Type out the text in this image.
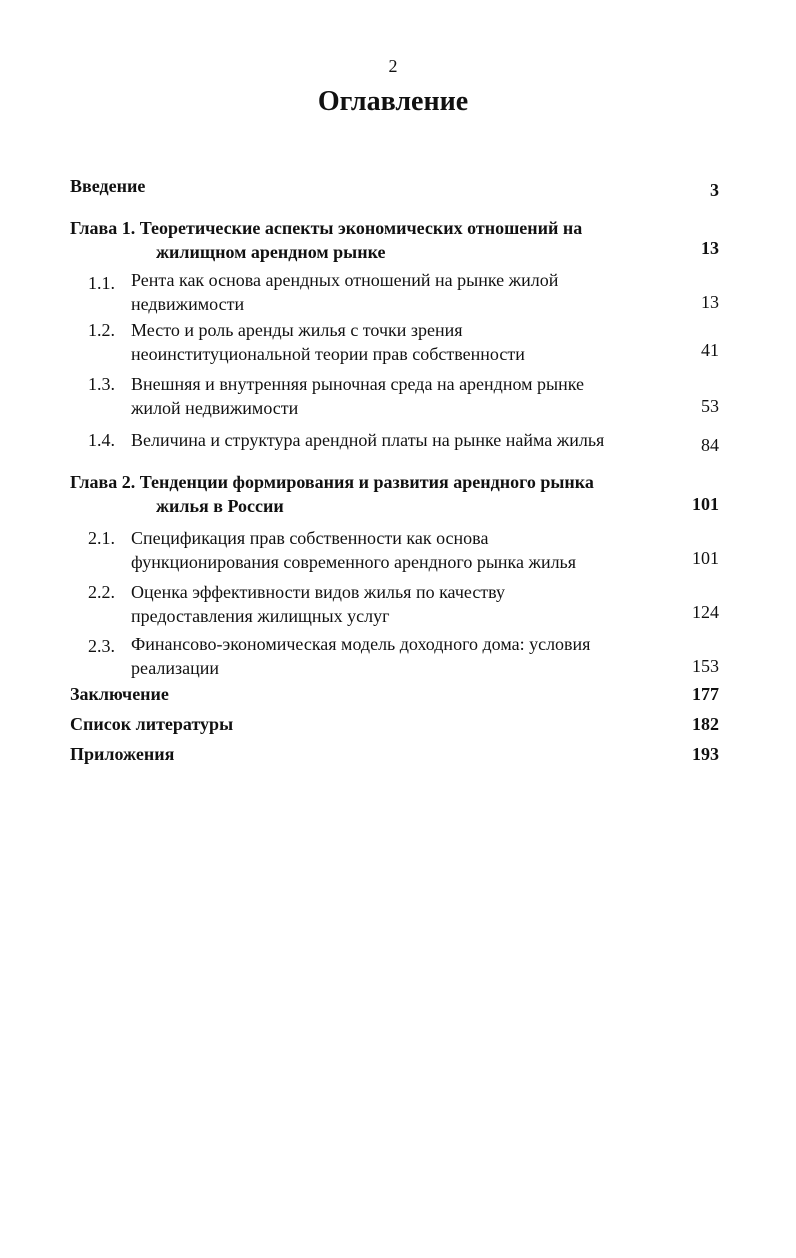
2
Оглавление
Введение	3
Глава 1. Теоретические аспекты экономических отношений на
жилищном арендном рынке	13
1.1. Рента как основа арендных отношений на рынке жилой
недвижимости	13
1.2. Место и роль аренды жилья с точки зрения
неоинституциональной теории прав собственности	41
1.3. Внешняя и внутренняя рыночная среда на арендном рынке
жилой недвижимости	53
1.4. Величина и структура арендной платы на рынке найма жилья	84
Глава 2. Тенденции формирования и развития арендного рынка
жилья в России	101
2.1. Спецификация прав собственности как основа
функционирования современного арендного рынка жилья	101
2.2. Оценка эффективности видов жилья по качеству
предоставления жилищных услуг	124
2.3. Финансово-экономическая модель доходного дома: условия
реализации	153
Заключение	177
Список литературы	182
Приложения	193
